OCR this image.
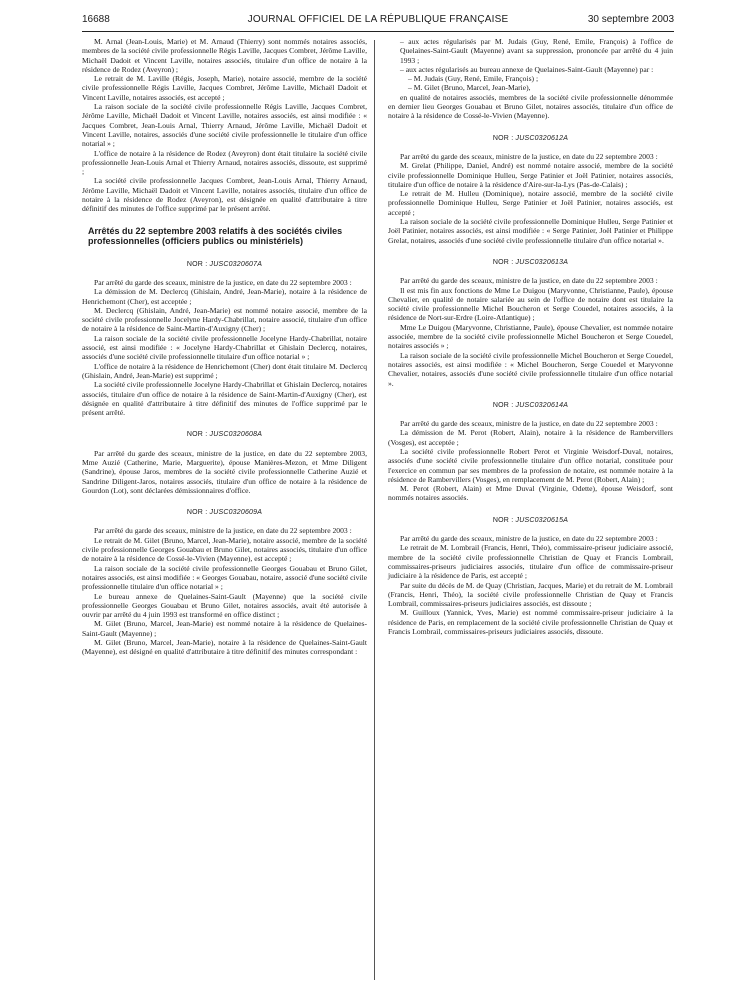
16688	JOURNAL OFFICIEL DE LA RÉPUBLIQUE FRANÇAISE	30 septembre 2003

M. Arnal (Jean-Louis, Marie) et M. Arnaud (Thierry) sont nommés notaires associés, membres de la société civile professionnelle Régis Laville, Jacques Combret, Jérôme Laville, Michaël Dadoit et Vincent Laville, notaires associés, titulaire d'un office de notaire à la résidence de Rodez (Aveyron) ;

Le retrait de M. Laville (Régis, Joseph, Marie), notaire associé, membre de la société civile professionnelle Régis Laville, Jacques Combret, Jérôme Laville, Michaël Dadoit et Vincent Laville, notaires associés, est accepté ;

La raison sociale de la société civile professionnelle Régis Laville, Jacques Combret, Jérôme Laville, Michaël Dadoit et Vincent Laville, notaires associés, est ainsi modifiée : « Jacques Combret, Jean-Louis Arnal, Thierry Arnaud, Jérôme Laville, Michaël Dadoit et Vincent Laville, notaires, associés d'une société civile professionnelle le titulaire d'un office notarial » ;

L'office de notaire à la résidence de Rodez (Aveyron) dont était titulaire la société civile professionnelle Jean-Louis Arnal et Thierry Arnaud, notaires associés, dissoute, est supprimé ;

La société civile professionnelle Jacques Combret, Jean-Louis Arnal, Thierry Arnaud, Jérôme Laville, Michaël Dadoit et Vincent Laville, notaires associés, titulaire d'un office de notaire à la résidence de Rodez (Aveyron), est désignée en qualité d'attributaire à titre définitif des minutes de l'office supprimé par le présent arrêté.

Arrêtés du 22 septembre 2003 relatifs à des sociétés civiles professionnelles (officiers publics ou ministériels)
NOR : JUSC0320607A

Par arrêté du garde des sceaux, ministre de la justice, en date du 22 septembre 2003 :

La démission de M. Declercq (Ghislain, André, Jean-Marie), notaire à la résidence de Henrichemont (Cher), est acceptée ;

M. Declercq (Ghislain, André, Jean-Marie) est nommé notaire associé, membre de la société civile professionnelle Jocelyne Hardy-Chabrillat, notaire associé, titulaire d'un office de notaire à la résidence de Saint-Martin-d'Auxigny (Cher) ;

La raison sociale de la société civile professionnelle Jocelyne Hardy-Chabrillat, notaire associé, est ainsi modifiée : « Jocelyne Hardy-Chabrillat et Ghislain Declercq, notaires, associés d'une société civile professionnelle titulaire d'un office notarial » ;

L'office de notaire à la résidence de Henrichemont (Cher) dont était titulaire M. Declercq (Ghislain, André, Jean-Marie) est supprimé ;

La société civile professionnelle Jocelyne Hardy-Chabrillat et Ghislain Declercq, notaires associés, titulaire d'un office de notaire à la résidence de Saint-Martin-d'Auxigny (Cher), est désignée en qualité d'attributaire à titre définitif des minutes de l'office supprimé par le présent arrêté.

NOR : JUSC0320608A

Par arrêté du garde des sceaux, ministre de la justice, en date du 22 septembre 2003, Mme Auzié (Catherine, Marie, Marguerite), épouse Manières-Mezon, et Mme Diligent (Sandrine), épouse Jaros, membres de la société civile professionnelle Catherine Auzié et Sandrine Diligent-Jaros, notaires associés, titulaire d'un office de notaire à la résidence de Gourdon (Lot), sont déclarées démissionnaires d'office.

NOR : JUSC0320609A

Par arrêté du garde des sceaux, ministre de la justice, en date du 22 septembre 2003 :

Le retrait de M. Gilet (Bruno, Marcel, Jean-Marie), notaire associé, membre de la société civile professionnelle Georges Gouabau et Bruno Gilet, notaires associés, titulaire d'un office de notaire à la résidence de Cossé-le-Vivien (Mayenne), est accepté ;

La raison sociale de la société civile professionnelle Georges Gouabau et Bruno Gilet, notaires associés, est ainsi modifiée : « Georges Gouabau, notaire, associé d'une société civile professionnelle titulaire d'un office notarial » ;

Le bureau annexe de Quelaines-Saint-Gault (Mayenne) que la société civile professionnelle Georges Gouabau et Bruno Gilet, notaires associés, avait été autorisée à ouvrir par arrêté du 4 juin 1993 est transformé en office distinct ;

M. Gilet (Bruno, Marcel, Jean-Marie) est nommé notaire à la résidence de Quelaines-Saint-Gault (Mayenne) ;

M. Gilet (Bruno, Marcel, Jean-Marie), notaire à la résidence de Quelaines-Saint-Gault (Mayenne), est désigné en qualité d'attributaire à titre définitif des minutes correspondant :

– aux actes régularisés par M. Judais (Guy, René, Emile, François) à l'office de Quelaines-Saint-Gault (Mayenne) avant sa suppression, prononcée par arrêté du 4 juin 1993 ;

– aux actes régularisés au bureau annexe de Quelaines-Saint-Gault (Mayenne) par :

– M. Judais (Guy, René, Emile, François) ;

– M. Gilet (Bruno, Marcel, Jean-Marie),

en qualité de notaires associés, membres de la société civile professionnelle dénommée en dernier lieu Georges Gouabau et Bruno Gilet, notaires associés, titulaire d'un office de notaire à la résidence de Cossé-le-Vivien (Mayenne).

NOR : JUSC0320612A

Par arrêté du garde des sceaux, ministre de la justice, en date du 22 septembre 2003 :

M. Grelat (Philippe, Daniel, André) est nommé notaire associé, membre de la société civile professionnelle Dominique Hulleu, Serge Patinier et Joël Patinier, notaires associés, titulaire d'un office de notaire à la résidence d'Aire-sur-la-Lys (Pas-de-Calais) ;

Le retrait de M. Hulleu (Dominique), notaire associé, membre de la société civile professionnelle Dominique Hulleu, Serge Patinier et Joël Patinier, notaires associés, est accepté ;

La raison sociale de la société civile professionnelle Dominique Hulleu, Serge Patinier et Joël Patinier, notaires associés, est ainsi modifiée : « Serge Patinier, Joël Patinier et Philippe Grelat, notaires, associés d'une société civile professionnelle titulaire d'un office notarial ».

NOR : JUSC0320613A

Par arrêté du garde des sceaux, ministre de la justice, en date du 22 septembre 2003 :

Il est mis fin aux fonctions de Mme Le Duigou (Maryvonne, Christianne, Paule), épouse Chevalier, en qualité de notaire salariée au sein de l'office de notaire dont est titulaire la société civile professionnelle Michel Boucheron et Serge Couedel, notaires associés, à la résidence de Nort-sur-Erdre (Loire-Atlantique) ;

Mme Le Duigou (Maryvonne, Christianne, Paule), épouse Chevalier, est nommée notaire associée, membre de la société civile professionnelle Michel Boucheron et Serge Couedel, notaires associés » ;

La raison sociale de la société civile professionnelle Michel Boucheron et Serge Couedel, notaires associés, est ainsi modifiée : « Michel Boucheron, Serge Couedel et Maryvonne Chevalier, notaires, associés d'une société civile professionnelle titulaire d'un office notarial ».

NOR : JUSC0320614A

Par arrêté du garde des sceaux, ministre de la justice, en date du 22 septembre 2003 :

La démission de M. Perot (Robert, Alain), notaire à la résidence de Rambervillers (Vosges), est acceptée ;

La société civile professionnelle Robert Perot et Virginie Weisdorf-Duval, notaires, associés d'une société civile professionnelle titulaire d'un office notarial, constituée pour l'exercice en commun par ses membres de la profession de notaire, est nommée notaire à la résidence de Rambervillers (Vosges), en remplacement de M. Perot (Robert, Alain) ;

M. Perot (Robert, Alain) et Mme Duval (Virginie, Odette), épouse Weisdorf, sont nommés notaires associés.

NOR : JUSC0320615A

Par arrêté du garde des sceaux, ministre de la justice, en date du 22 septembre 2003 :

Le retrait de M. Lombrail (Francis, Henri, Théo), commissaire-priseur judiciaire associé, membre de la société civile professionnelle Christian de Quay et Francis Lombrail, commissaires-priseurs judiciaires associés, titulaire d'un office de commissaire-priseur judiciaire à la résidence de Paris, est accepté ;

Par suite du décès de M. de Quay (Christian, Jacques, Marie) et du retrait de M. Lombrail (Francis, Henri, Théo), la société civile professionnelle Christian de Quay et Francis Lombrail, commissaires-priseurs judiciaires associés, est dissoute ;

M. Guilloux (Yannick, Yves, Marie) est nommé commissaire-priseur judiciaire à la résidence de Paris, en remplacement de la société civile professionnelle Christian de Quay et Francis Lombrail, commissaires-priseurs judiciaires associés, dissoute.
